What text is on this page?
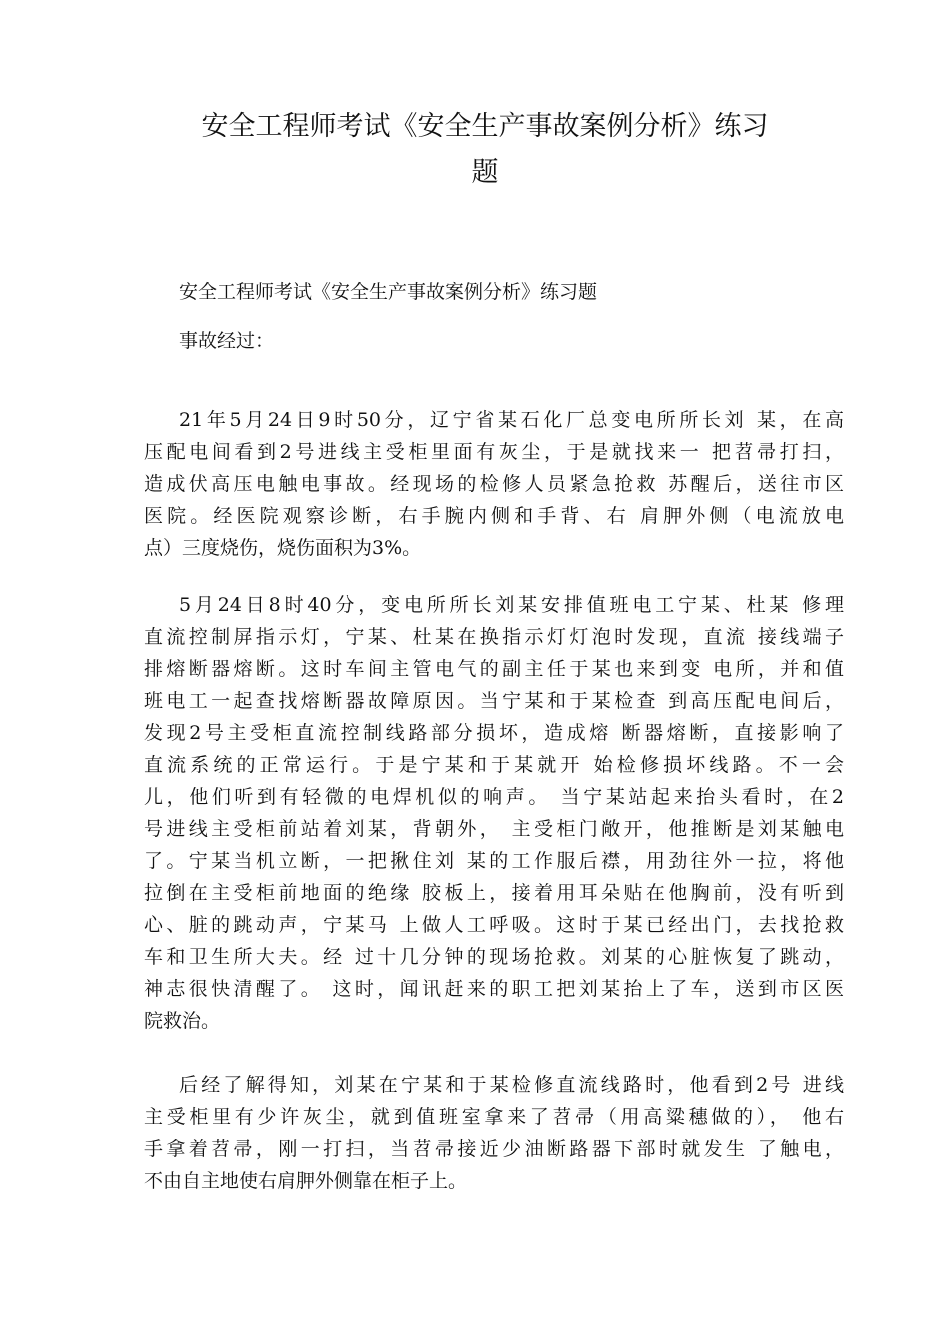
安全工程师考试《安全生产事故案例分析》练习
题

安全工程师考试《安全生产事故案例分析》练习题

事故经过：

21年5月24日9时50分，辽宁省某石化厂总变电所所长刘 某，在高
压配电间看到2号进线主受柜里面有灰尘，于是就找来一 把苕帚打扫，
造成伏高压电触电事故。经现场的检修人员紧急抢救 苏醒后，送往市区
医院。经医院观察诊断，右手腕内侧和手背、右 肩胛外侧（电流放电
点）三度烧伤，烧伤面积为3%。
5月24日8时40分，变电所所长刘某安排值班电工宁某、杜某 修理
直流控制屏指示灯，宁某、杜某在换指示灯灯泡时发现，直流 接线端子
排熔断器熔断。这时车间主管电气的副主任于某也来到变 电所，并和值
班电工一起查找熔断器故障原因。当宁某和于某检查 到高压配电间后，
发现2号主受柜直流控制线路部分损坏，造成熔 断器熔断，直接影响了
直流系统的正常运行。于是宁某和于某就开 始检修损坏线路。不一会
儿，他们听到有轻微的电焊机似的响声。 当宁某站起来抬头看时，在2
号进线主受柜前站着刘某，背朝外， 主受柜门敞开，他推断是刘某触电
了。宁某当机立断，一把揪住刘 某的工作服后襟，用劲往外一拉，将他
拉倒在主受柜前地面的绝缘 胶板上，接着用耳朵贴在他胸前，没有听到
心、脏的跳动声，宁某马 上做人工呼吸。这时于某已经出门，去找抢救
车和卫生所大夫。经 过十几分钟的现场抢救。刘某的心脏恢复了跳动，
神志很快清醒了。 这时，闻讯赶来的职工把刘某抬上了车，送到市区医
院救治。
后经了解得知，刘某在宁某和于某检修直流线路时，他看到2号 进线
主受柜里有少许灰尘，就到值班室拿来了苕帚（用高粱穗做的）， 他右
手拿着苕帚，刚一打扫，当苕帚接近少油断路器下部时就发生 了触电，
不由自主地使右肩胛外侧靠在柜子上。
